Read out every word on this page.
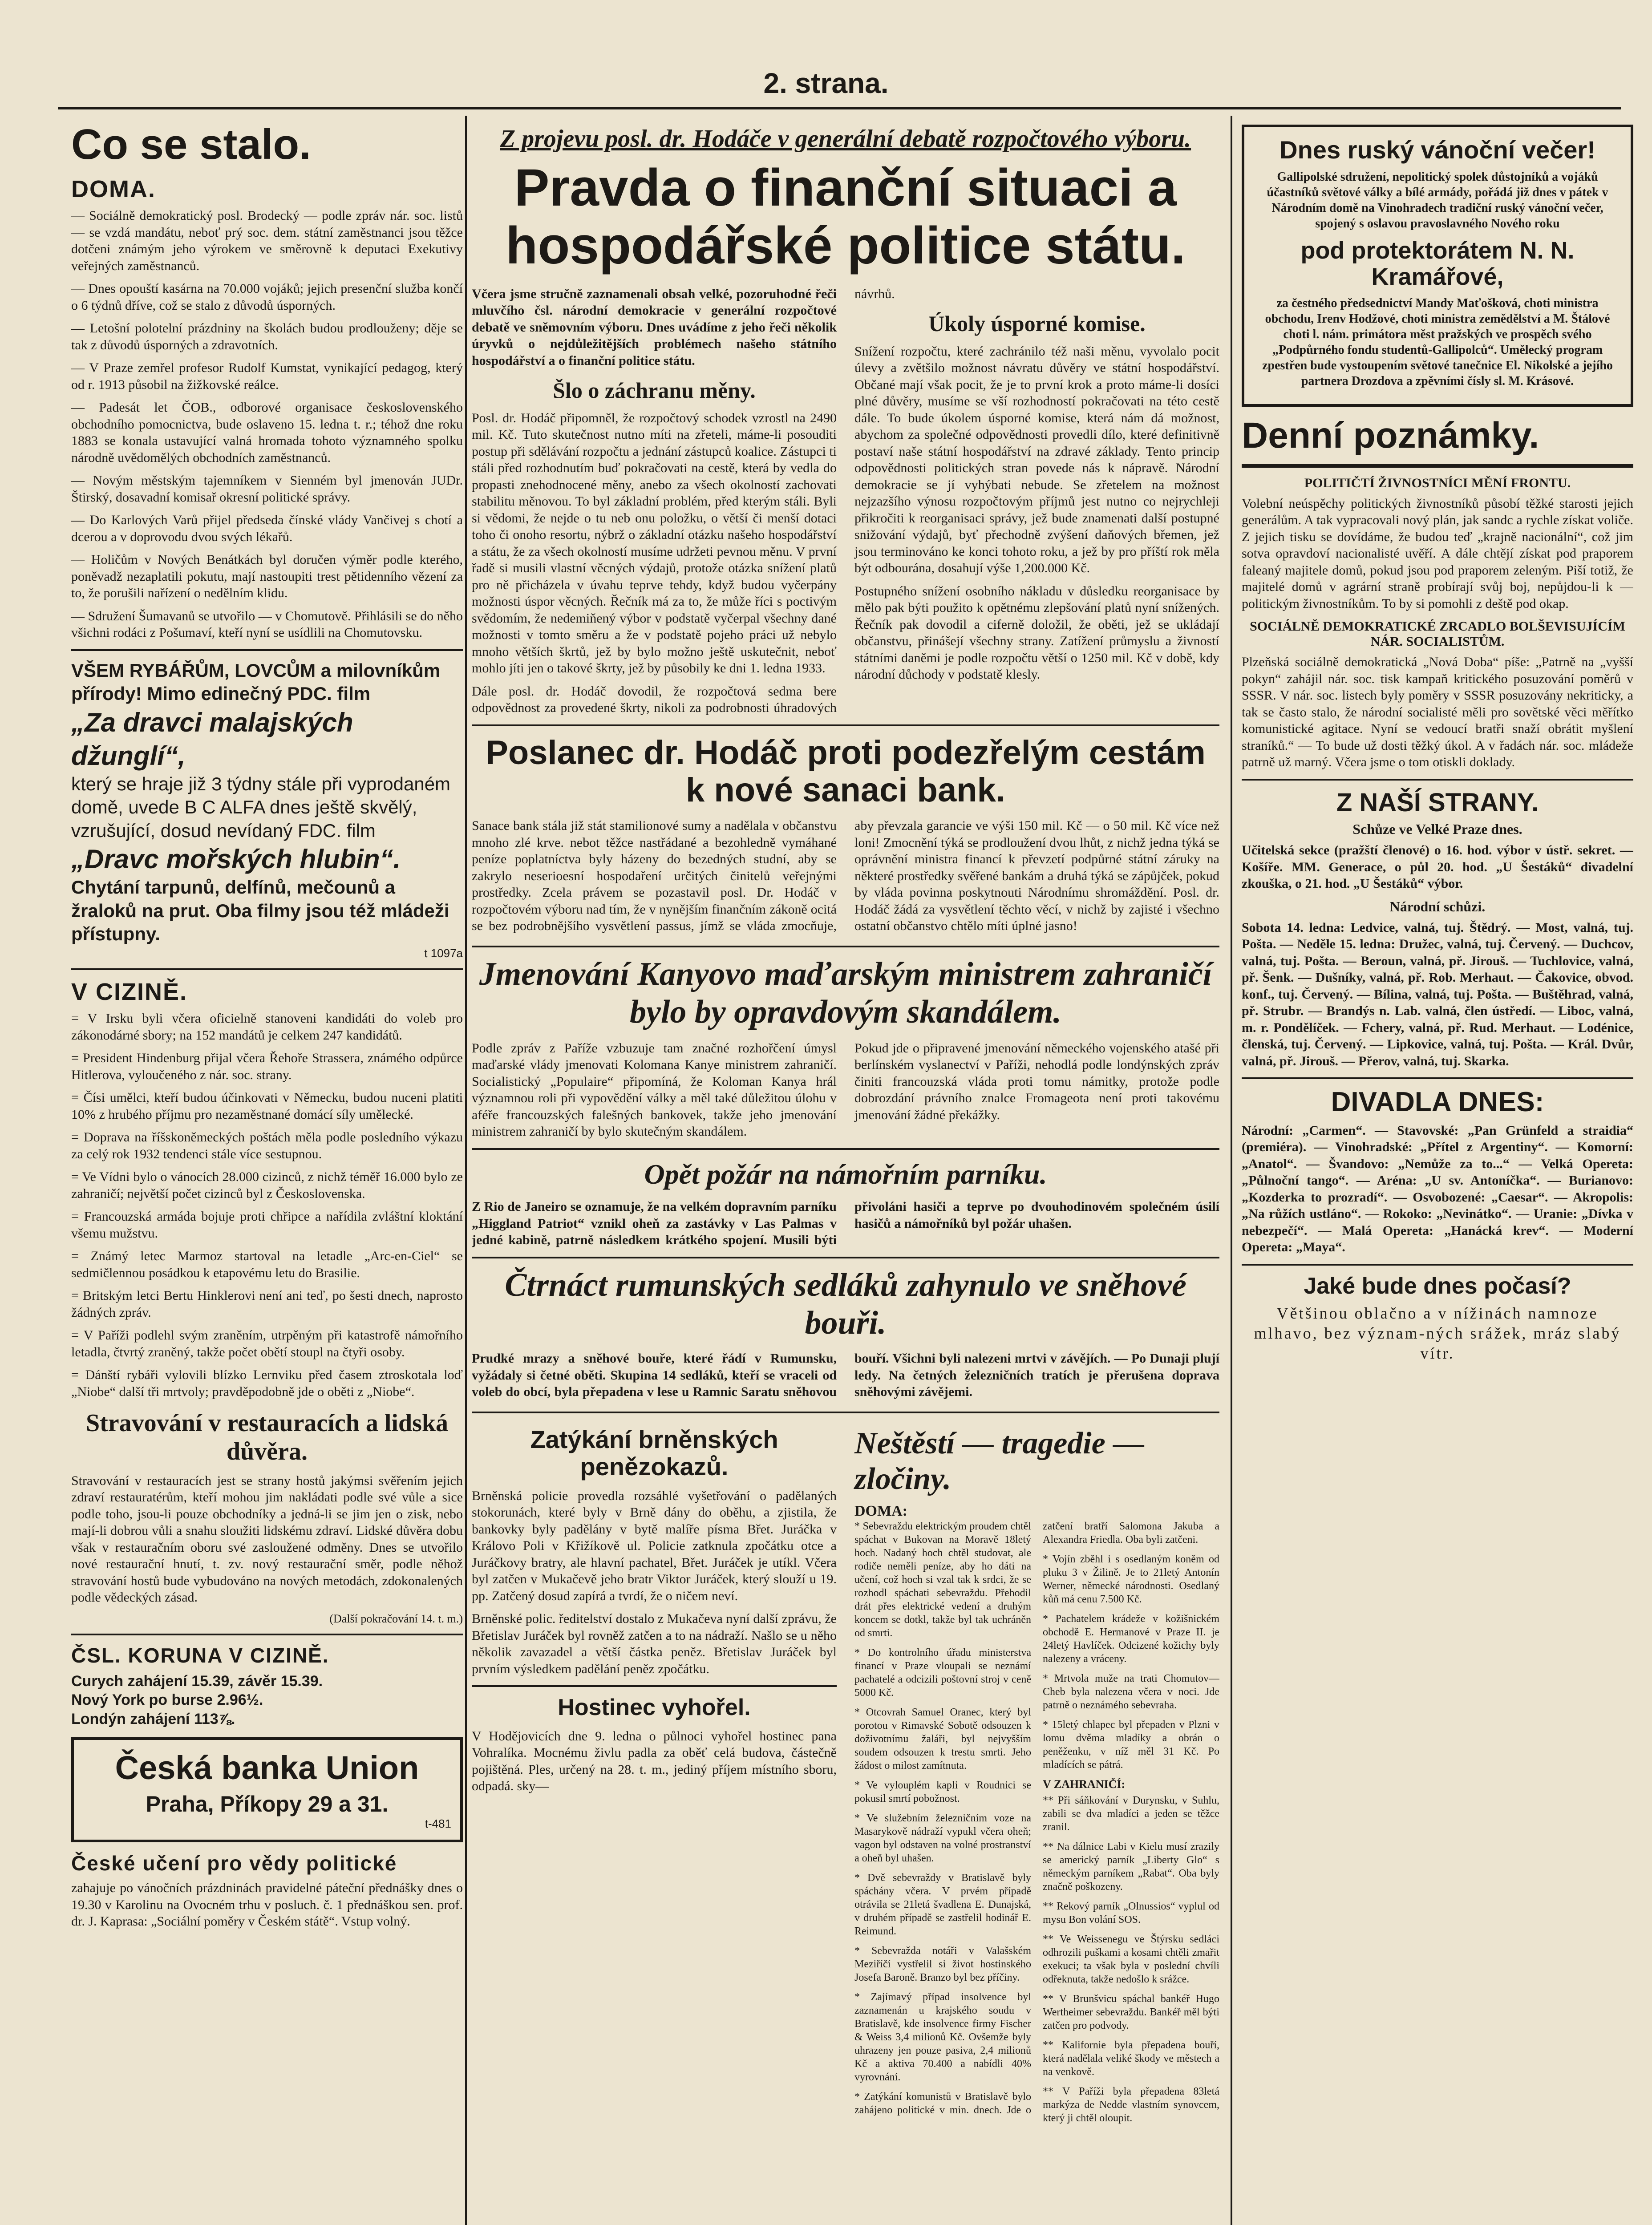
2. strana.
Co se stalo.
DOMA.

— Sociálně demokratický posl. Brodecký — podle zpráv nár. soc. listů — se vzdá mandátu, neboť prý soc. dem. státní zaměstnanci jsou těžce dotčeni známým jeho výrokem ve směrovně k deputaci Exekutivy veřejných zaměstnanců.

— Dnes opouští kasárna na 70.000 vojáků; jejich presenční služba končí o 6 týdnů dříve, což se stalo z důvodů úsporných.

— Letošní polotelní prázdniny na školách budou prodlouženy; děje se tak z důvodů úsporných a zdravotních.

— V Praze zemřel profesor Rudolf Kumstat, vynikající pedagog, který od r. 1913 působil na žižkovské reálce.

— Padesát let ČOB., odborové organisace československého obchodního pomocnictva, bude oslaveno 15. ledna t. r.; téhož dne roku 1883 se konala ustavující valná hromada tohoto významného spolku národně uvědomělých obchodních zaměstnanců.

— Novým městským tajemníkem v Sienném byl jmenován JUDr. Štirský, dosavadní komisař okresní politické správy.

— Do Karlových Varů přijel předseda čínské vlády Vančivej s chotí a dcerou a v doprovodu dvou svých lékařů.

— Holičům v Nových Benátkách byl doručen výměr podle kterého, poněvadž nezaplatili pokutu, mají nastoupiti trest pětidenního vězení za to, že porušili nařízení o nedělním klidu.

— Sdružení Šumavanů se utvořilo — v Chomutově. Přihlásili se do něho všichni rodáci z Pošumaví, kteří nyní se usídlili na Chomutovsku.

VŠEM RYBÁŘŮM, LOVCŮM a milovníkům přírody! Mimo edinečný PDC. film
„Za dravci malajských džunglí“,
který se hraje již 3 týdny stále při vyprodaném domě, uvede B C ALFA dnes ještě skvělý, vzrušující, dosud nevídaný FDC. film
„Dravc mořských hlubin“.
Chytání tarpunů, delfínů, mečounů a žraloků na prut. Oba filmy jsou též mládeži přístupny.
t 1097a
V CIZINĚ.

= V Irsku byli včera oficielně stanoveni kandidáti do voleb pro zákonodárné sbory; na 152 mandátů je celkem 247 kandidátů.

= President Hindenburg přijal včera Řehoře Strassera, známého odpůrce Hitlerova, vyloučeného z nár. soc. strany.

= Čísi umělci, kteří budou účinkovati v Německu, budou nuceni platiti 10% z hrubého příjmu pro nezaměstnané domácí síly umělecké.

= Doprava na říšskoněmeckých poštách měla podle posledního výkazu za celý rok 1932 tendenci stále více sestupnou.

= Ve Vídni bylo o vánocích 28.000 cizinců, z nichž téměř 16.000 bylo ze zahraničí; největší počet cizinců byl z Československa.

= Francouzská armáda bojuje proti chřipce a nařídila zvláštní kloktání všemu mužstvu.

= Známý letec Marmoz startoval na letadle „Arc-en-Ciel“ se sedmičlennou posádkou k etapovému letu do Brasilie.

= Britským letci Bertu Hinklerovi není ani teď, po šesti dnech, naprosto žádných zpráv.

= V Paříži podlehl svým zraněním, utrpěným při katastrofě námořního letadla, čtvrtý zraněný, takže počet obětí stoupl na čtyři osoby.

= Dánští rybáři vylovili blízko Lernviku před časem ztroskotala loď „Niobe“ další tři mrtvoly; pravděpodobně jde o oběti z „Niobe“.

Stravování v restauracích a lidská důvěra.

Stravování v restauracích jest se strany hostů jakýmsi svěřením jejich zdraví restauratérům, kteří mohou jim nakládati podle své vůle a sice podle toho, jsou-li pouze obchodníky a jedná-li se jim jen o zisk, nebo mají-li dobrou vůli a snahu sloužiti lidskému zdraví. Lidské důvěra dobu však v restauračním oboru své zasloužené odměny. Dnes se utvořilo nové restaurační hnutí, t. zv. nový restaurační směr, podle něhož stravování hostů bude vybudováno na nových metodách, zdokonalených podle vědeckých zásad.

(Další pokračování 14. t. m.)
ČSL. KORUNA V CIZINĚ.

Curych zahájení 15.39, závěr 15.39.

Nový York po burse 2.96½.

Londýn zahájení 113⅞.

Česká banka Union
Praha, Příkopy 29 a 31.
t-481
České učení pro vědy politické

zahajuje po vánočních prázdninách pravidelné páteční přednášky dnes o 19.30 v Karolinu na Ovocném trhu v posluch. č. 1 přednáškou sen. prof. dr. J. Kaprasa: „Sociální poměry v Českém státě“. Vstup volný.

Z projevu posl. dr. Hodáče v generální debatě rozpočtového výboru.
Pravda o finanční situaci a hospodářské politice státu.

Včera jsme stručně zaznamenali obsah velké, pozoruhodné řeči mluvčího čsl. národní demokracie v generální rozpočtové debatě ve sněmovním výboru. Dnes uvádíme z jeho řeči několik úryvků o nejdůležitějších problémech našeho státního hospodářství a o finanční politice státu.

Šlo o záchranu měny.

Posl. dr. Hodáč připomněl, že rozpočtový schodek vzrostl na 2490 mil. Kč. Tuto skutečnost nutno míti na zřeteli, máme-li posouditi postup při sdělávání rozpočtu a jednání zástupců koalice. Zástupci ti stáli před rozhodnutím buď pokračovati na cestě, která by vedla do propasti znehodnocené měny, anebo za všech okolností zachovati stabilitu měnovou. To byl základní problém, před kterým stáli. Byli si vědomi, že nejde o tu neb onu položku, o větší či menší dotaci toho či onoho resortu, nýbrž o základní otázku našeho hospodářství a státu, že za všech okolností musíme udržeti pevnou měnu. V první řadě si musili vlastní věcných výdajů, protože otázka snížení platů pro ně přicházela v úvahu teprve tehdy, když budou vyčerpány možnosti úspor věcných. Řečník má za to, že může říci s poctivým svědomím, že nedemiňený výbor v podstatě vyčerpal všechny dané možnosti v tomto směru a že v podstatě pojeho práci už nebylo mnoho větších škrtů, jež by bylo možno ještě uskutečnit, neboť mohlo jíti jen o takové škrty, jež by působily ke dni 1. ledna 1933.

Dále posl. dr. Hodáč dovodil, že rozpočtová sedma bere odpovědnost za provedené škrty, nikoli za podrobnosti úhradových návrhů.

Úkoly úsporné komise.

Snížení rozpočtu, které zachránilo též naši měnu, vyvolalo pocit úlevy a zvětšilo možnost návratu důvěry ve státní hospodářství. Občané mají však pocit, že je to první krok a proto máme-li dosíci plné důvěry, musíme se vší rozhodností pokračovati na této cestě dále. To bude úkolem úsporné komise, která nám dá možnost, abychom za společné odpovědnosti provedli dílo, které definitivně postaví naše státní hospodářství na zdravé základy. Tento princip odpovědnosti politických stran povede nás k nápravě. Národní demokracie se jí vyhýbati nebude. Se zřetelem na možnost nejzazšího výnosu rozpočtovým příjmů jest nutno co nejrychleji přikročiti k reorganisaci správy, jež bude znamenati další postupné snižování výdajů, byť přechodně zvýšení daňových břemen, jež jsou terminováno ke konci tohoto roku, a jež by pro příští rok měla být odbourána, dosahují výše 1,200.000 Kč.

Postupného snížení osobního nákladu v důsledku reorganisace by mělo pak býti použito k opětnému zlepšování platů nyní snížených. Řečník pak dovodil a ciferně doložil, že oběti, jež se ukládají občanstvu, přinášejí všechny strany. Zatížení průmyslu a živností státními daněmi je podle rozpočtu větší o 1250 mil. Kč v době, kdy národní důchody v podstatě klesly.

Poslanec dr. Hodáč proti podezřelým cestám k nové sanaci bank.

Sanace bank stála již stát stamilionové sumy a nadělala v občanstvu mnoho zlé krve. nebot těžce nastřádané a bezohledně vymáhané peníze poplatníctva byly házeny do bezedných studní, aby se zakrylo neserioesní hospodaření určitých činitelů veřejnými prostředky. Zcela právem se pozastavil posl. Dr. Hodáč v rozpočtovém výboru nad tím, že v nynějším finančním zákoně ocitá se bez podrobnějšího vysvětlení passus, jímž se vláda zmocňuje, aby převzala garancie ve výši 150 mil. Kč — o 50 mil. Kč více než loni! Zmocnění týká se prodloužení dvou lhůt, z nichž jedna týká se oprávnění ministra financí k převzetí podpůrné státní záruky na některé prostředky svěřené bankám a druhá týká se zápůjček, pokud by vláda povinna poskytnouti Národnímu shromáždění. Posl. dr. Hodáč žádá za vysvětlení těchto věcí, v nichž by zajisté i všechno ostatní občanstvo chtělo míti úplné jasno!

Jmenování Kanyovo maďarským ministrem zahraničí bylo by opravdovým skandálem.

Podle zpráv z Paříže vzbuzuje tam značné rozhořčení úmysl maďarské vlády jmenovati Kolomana Kanye ministrem zahraničí. Socialistický „Populaire“ připomíná, že Koloman Kanya hrál významnou roli při vypovědění války a měl také důležitou úlohu v aféře francouzských falešných bankovek, takže jeho jmenování ministrem zahraničí by bylo skutečným skandálem.

Pokud jde o připravené jmenování německého vojenského atašé při berlínském vyslanectví v Paříži, nehodlá podle londýnských zpráv činiti francouzská vláda proti tomu námitky, protože podle dobrozdání právního znalce Fromageota není proti takovému jmenování žádné překážky.

Opět požár na námořním parníku.

Z Rio de Janeiro se oznamuje, že na velkém dopravním parníku „Higgland Patriot“ vznikl oheň za zastávky v Las Palmas v jedné kabině, patrně následkem krátkého spojení. Musili býti přivoláni hasiči a teprve po dvouhodinovém společném úsilí hasičů a námořníků byl požár uhašen.

Čtrnáct rumunských sedláků zahynulo ve sněhové bouři.

Prudké mrazy a sněhové bouře, které řádí v Rumunsku, vyžádaly si četné oběti. Skupina 14 sedláků, kteří se vraceli od voleb do obcí, byla přepadena v lese u Ramnic Saratu sněhovou bouří. Všichni byli nalezeni mrtvi v závějích. — Po Dunaji plují ledy. Na četných železničních tratích je přerušena doprava sněhovými závějemi.

Zatýkání brněnských penězokazů.

Brněnská policie provedla rozsáhlé vyšetřování o padělaných stokorunách, které byly v Brně dány do oběhu, a zjistila, že bankovky byly padělány v bytě malíře písma Břet. Juráčka v Královo Poli v Křižíkově ul. Policie zatknula zpočátku otce a Juráčkovy bratry, ale hlavní pachatel, Břet. Juráček je utíkl. Včera byl zatčen v Mukačevě jeho bratr Viktor Juráček, který slouží u 19. pp. Zatčený dosud zapírá a tvrdí, že o ničem neví.

Brněnské polic. ředitelství dostalo z Mukačeva nyní další zprávu, že Břetislav Juráček byl rovněž zatčen a to na nádraží. Našlo se u něho několik zavazadel a větší částka peněz. Břetislav Juráček byl prvním výsledkem padělání peněz zpočátku.

Hostinec vyhořel.

V Hodějovicích dne 9. ledna o půlnoci vyhořel hostinec pana Vohralíka. Mocnému živlu padla za oběť celá budova, částečně pojištěná. Ples, určený na 28. t. m., jediný příjem místního sboru, odpadá. sky—

Neštěstí — tragedie — zločiny.
DOMA:

* Sebevraždu elektrickým proudem chtěl spáchat v Bukovan na Moravě 18letý hoch. Nadaný hoch chtěl studovat, ale rodiče neměli peníze, aby ho dáti na učení, což hoch si vzal tak k srdci, že se rozhodl spáchati sebevraždu. Přehodil drát přes elektrické vedení a druhým koncem se dotkl, takže byl tak uchráněn od smrti.

* Do kontrolního úřadu ministerstva financí v Praze vloupali se neznámí pachatelé a odcizili poštovní stroj v ceně 5000 Kč.

* Otcovrah Samuel Oranec, který byl porotou v Rimavské Sobotě odsouzen k doživotnímu žaláři, byl nejvyšším soudem odsouzen k trestu smrti. Jeho žádost o milost zamítnuta.

* Ve vylouplém kapli v Roudnici se pokusil smrtí pobožnost.

* Ve služebním železničním voze na Masarykově nádraží vypukl včera oheň; vagon byl odstaven na volné prostranství a oheň byl uhašen.

* Dvě sebevraždy v Bratislavě byly spáchány včera. V prvém případě otrávila se 21letá švadlena E. Dunajská, v druhém případě se zastřelil hodinář E. Reimund.

* Sebevražda notáři v Valašském Meziříčí vystřelil si život hostinského Josefa Baroně. Branzo byl bez příčiny.

* Zajímavý případ insolvence byl zaznamenán u krajského soudu v Bratislavě, kde insolvence firmy Fischer & Weiss 3,4 milionů Kč. Ovšemže byly uhrazeny jen pouze pasiva, 2,4 milionů Kč a aktiva 70.400 a nabídli 40% vyrovnání.

* Zatýkání komunistů v Bratislavě bylo zahájeno politické v min. dnech. Jde o zatčení bratří Salomona Jakuba a Alexandra Friedla. Oba byli zatčeni.

* Vojín zběhl i s osedlaným koněm od pluku 3 v Žilině. Je to 21letý Antonín Werner, německé národnosti. Osedlaný kůň má cenu 7.500 Kč.

* Pachatelem krádeže v kožišnickém obchodě E. Hermanové v Praze II. je 24letý Havlíček. Odcizené kožichy byly nalezeny a vráceny.

* Mrtvola muže na trati Chomutov—Cheb byla nalezena včera v noci. Jde patrně o neznámého sebevraha.

* 15letý chlapec byl přepaden v Plzni v lomu dvěma mladíky a obrán o peněženku, v níž měl 31 Kč. Po mladících se pátrá.

V ZAHRANIČÍ:

** Při sáňkování v Durynsku, v Suhlu, zabili se dva mladíci a jeden se těžce zranil.

** Na dálnice Labi v Kielu musí zrazily se americký parník „Liberty Glo“ s německým parníkem „Rabat“. Oba byly značně poškozeny.

** Rekový parník „Olnussios“ vyplul od mysu Bon volání SOS.

** Ve Weissenegu ve Štýrsku sedláci odhrozili puškami a kosami chtěli zmařit exekuci; ta však byla v poslední chvíli odřeknuta, takže nedošlo k srážce.

** V Brunšvicu spáchal bankéř Hugo Wertheimer sebevraždu. Bankéř měl býti zatčen pro podvody.

** Kalifornie byla přepadena bouří, která nadělala veliké škody ve městech a na venkově.

** V Paříži byla přepadena 83letá markýza de Nedde vlastním synovcem, který ji chtěl oloupit.

Dnes ruský vánoční večer!

Gallipolské sdružení, nepolitický spolek důstojníků a vojáků účastníků světové války a bílé armády, pořádá již dnes v pátek v Národním domě na Vinohradech tradiční ruský vánoční večer, spojený s oslavou pravoslavného Nového roku

pod protektorátem N. N. Kramářové,

za čestného předsednictví Mandy Maťošková, choti ministra obchodu, Irenv Hodžové, choti ministra zemědělství a M. Štálové choti l. nám. primátora měst pražských ve prospěch svého „Podpůrného fondu studentů-Gallipolců“. Umělecký program zpestřen bude vystoupením světové tanečnice El. Nikolské a jejího partnera Drozdova a zpěvními čísly sl. M. Krásové.

Denní poznámky.
POLITIČTÍ ŽIVNOSTNÍCI MĚNÍ FRONTU.

Volební neúspěchy politických živnostníků působí těžké starosti jejich generálům. A tak vypracovali nový plán, jak sandc a rychle získat voliče. Z jejich tisku se dovídáme, že budou teď „krajně nacionální“, což jim sotva opravdoví nacionalisté uvěří. A dále chtějí získat pod praporem faleaný majitele domů, pokud jsou pod praporem zeleným. Piší totiž, že majitelé domů v agrární straně probírají svůj boj, nepůjdou-li k — politickým živnostníkům. To by si pomohli z deště pod okap.

SOCIÁLNĚ DEMOKRATICKÉ ZRCADLO BOLŠEVISUJÍCÍM NÁR. SOCIALISTŮM.

Plzeňská sociálně demokratická „Nová Doba“ píše: „Patrně na „vyšší pokyn“ zahájil nár. soc. tisk kampaň kritického posuzování poměrů v SSSR. V nár. soc. listech byly poměry v SSSR posuzovány nekriticky, a tak se často stalo, že národní socialisté měli pro sovětské věci měřítko komunistické agitace. Nyní se vedoucí bratři snaží obrátit myšlení straníků.“ — To bude už dosti těžký úkol. A v řadách nár. soc. mládeže patrně už marný. Včera jsme o tom otiskli doklady.

Z NAŠÍ STRANY.
Schůze ve Velké Praze dnes.

Učitelská sekce (pražští členové) o 16. hod. výbor v ústř. sekret. — Košíře. MM. Generace, o půl 20. hod. „U Šestáků“ divadelní zkouška, o 21. hod. „U Šestáků“ výbor.

Národní schůzi.

Sobota 14. ledna: Ledvice, valná, tuj. Štědrý. — Most, valná, tuj. Pošta. — Neděle 15. ledna: Družec, valná, tuj. Červený. — Duchcov, valná, tuj. Pošta. — Beroun, valná, př. Jirouš. — Tuchlovice, valná, př. Šenk. — Dušníky, valná, př. Rob. Merhaut. — Čakovice, obvod. konf., tuj. Červený. — Bílina, valná, tuj. Pošta. — Buštěhrad, valná, př. Strubr. — Brandýs n. Lab. valná, člen ústředí. — Liboc, valná, m. r. Pondělíček. — Fchery, valná, př. Rud. Merhaut. — Lodénice, členská, tuj. Červený. — Lipkovice, valná, tuj. Pošta. — Král. Dvůr, valná, př. Jirouš. — Přerov, valná, tuj. Skarka.

DIVADLA DNES:

Národní: „Carmen“. — Stavovské: „Pan Grünfeld a straidia“ (premiéra). — Vinohradské: „Přítel z Argentiny“. — Komorní: „Anatol“. — Švandovo: „Nemůže za to...“ — Velká Opereta: „Půlnoční tango“. — Aréna: „U sv. Antoníčka“. — Burianovo: „Kozderka to prozradí“. — Osvobozené: „Caesar“. — Akropolis: „Na růžích ustláno“. — Rokoko: „Nevinátko“. — Uranie: „Dívka v nebezpečí“. — Malá Opereta: „Hanácká krev“. — Moderní Opereta: „Maya“.

Jaké bude dnes počasí?

Většinou oblačno a v nížinách namnoze mlhavo, bez význam-ných srážek, mráz slabý vítr.
